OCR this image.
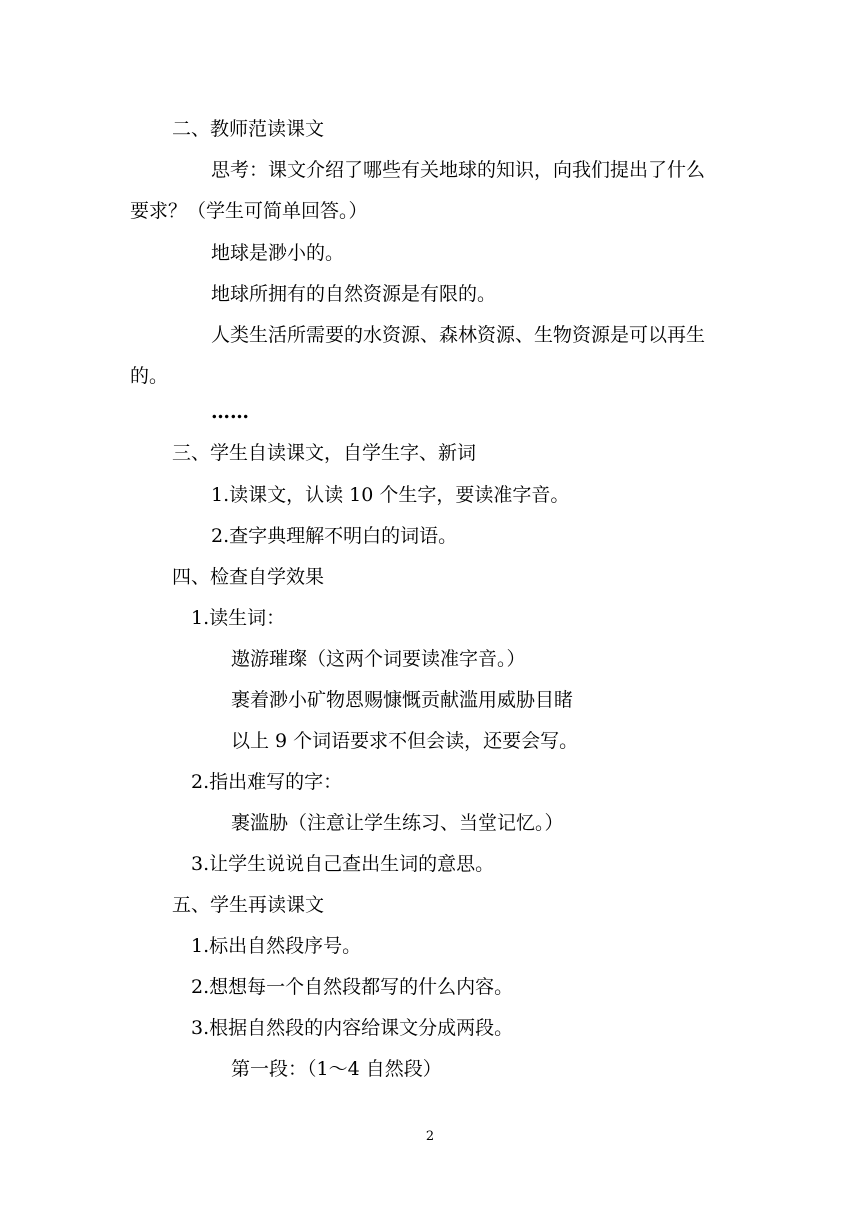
二、教师范读课文
思考：课文介绍了哪些有关地球的知识，向我们提出了什么
要求？（学生可简单回答。）
地球是渺小的。
地球所拥有的自然资源是有限的。
人类生活所需要的水资源、森林资源、生物资源是可以再生
的。
……
三、学生自读课文，自学生字、新词
1.读课文，认读 10 个生字，要读准字音。
2.查字典理解不明白的词语。
四、检查自学效果
1.读生词：
遨游璀璨（这两个词要读准字音。）
裹着渺小矿物恩赐慷慨贡献滥用威胁目睹
以上 9 个词语要求不但会读，还要会写。
2.指出难写的字：
裹滥胁（注意让学生练习、当堂记忆。）
3.让学生说说自己查出生词的意思。
五、学生再读课文
1.标出自然段序号。
2.想想每一个自然段都写的什么内容。
3.根据自然段的内容给课文分成两段。
第一段：（1～4 自然段）
2
